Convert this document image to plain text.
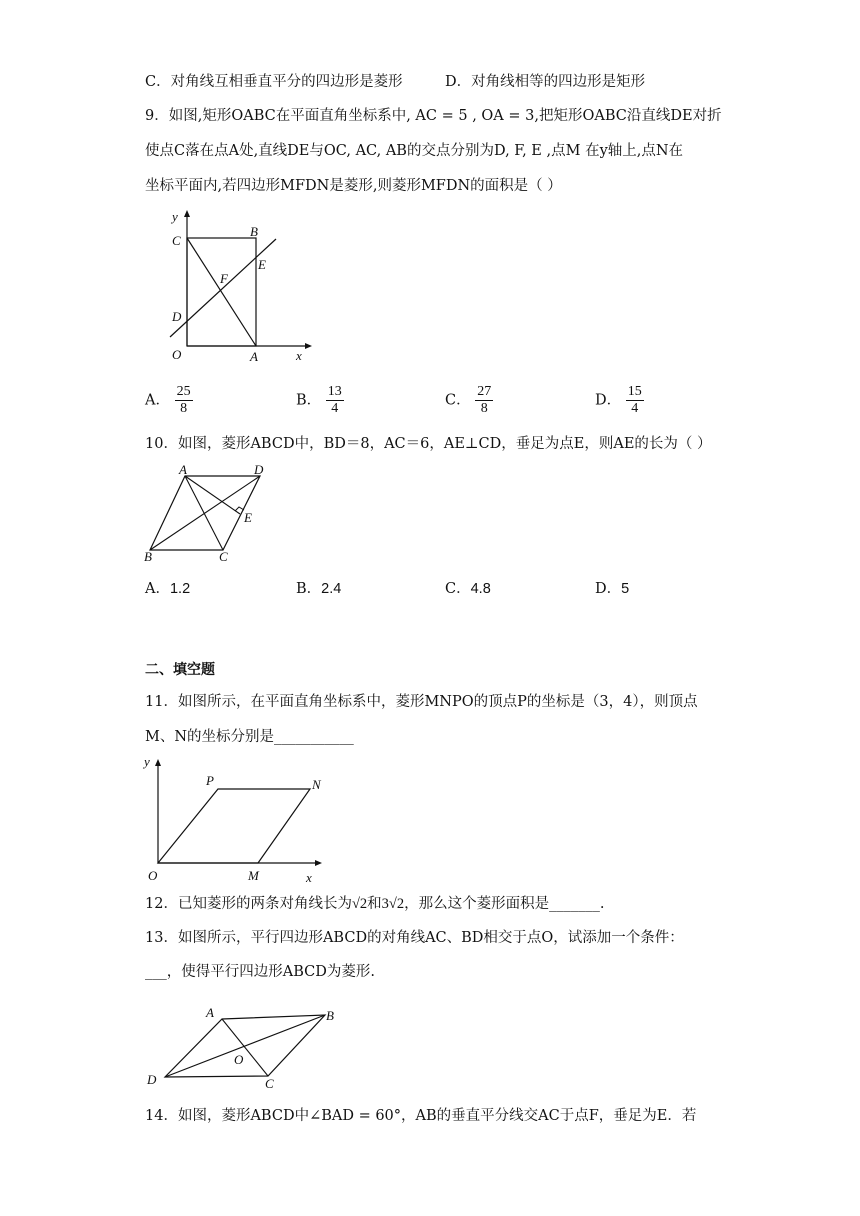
C．对角线互相垂直平分的四边形是菱形	D．对角线相等的四边形是矩形
9．如图,矩形OABC在平面直角坐标系中, AC = 5 , OA = 3,把矩形OABC沿直线DE对折
使点C落在点A处,直线DE与OC, AC, AB的交点分别为D, F, E ,点M 在y轴上,点N在
坐标平面内,若四边形MFDN是菱形,则菱形MFDN的面积是（ ）
y
C
B
E
F
D
O	A	x
A． $\frac{25}{8}$	B． $\frac{13}{4}$	C． $\frac{27}{8}$	D． $\frac{15}{4}$
10．如图，菱形ABCD中，BD＝8，AC＝6，AE⊥CD，垂足为点E，则AE的长为（ ）
A	D
E
B	C
A．1.2	B．2.4	C．4.8	D．5
二、填空题
11．如图所示，在平面直角坐标系中，菱形MNPO的顶点P的坐标是（3，4），则顶点
M、N的坐标分别是___________
y
P	N
O	M	x
12．已知菱形的两条对角线长为√2和3√2，那么这个菱形面积是_______.
13．如图所示，平行四边形ABCD的对角线AC、BD相交于点O，试添加一个条件：
___，使得平行四边形ABCD为菱形.
A	B
O
D	C
14．如图，菱形ABCD中∠BAD = 60°，AB的垂直平分线交AC于点F，垂足为E．若
